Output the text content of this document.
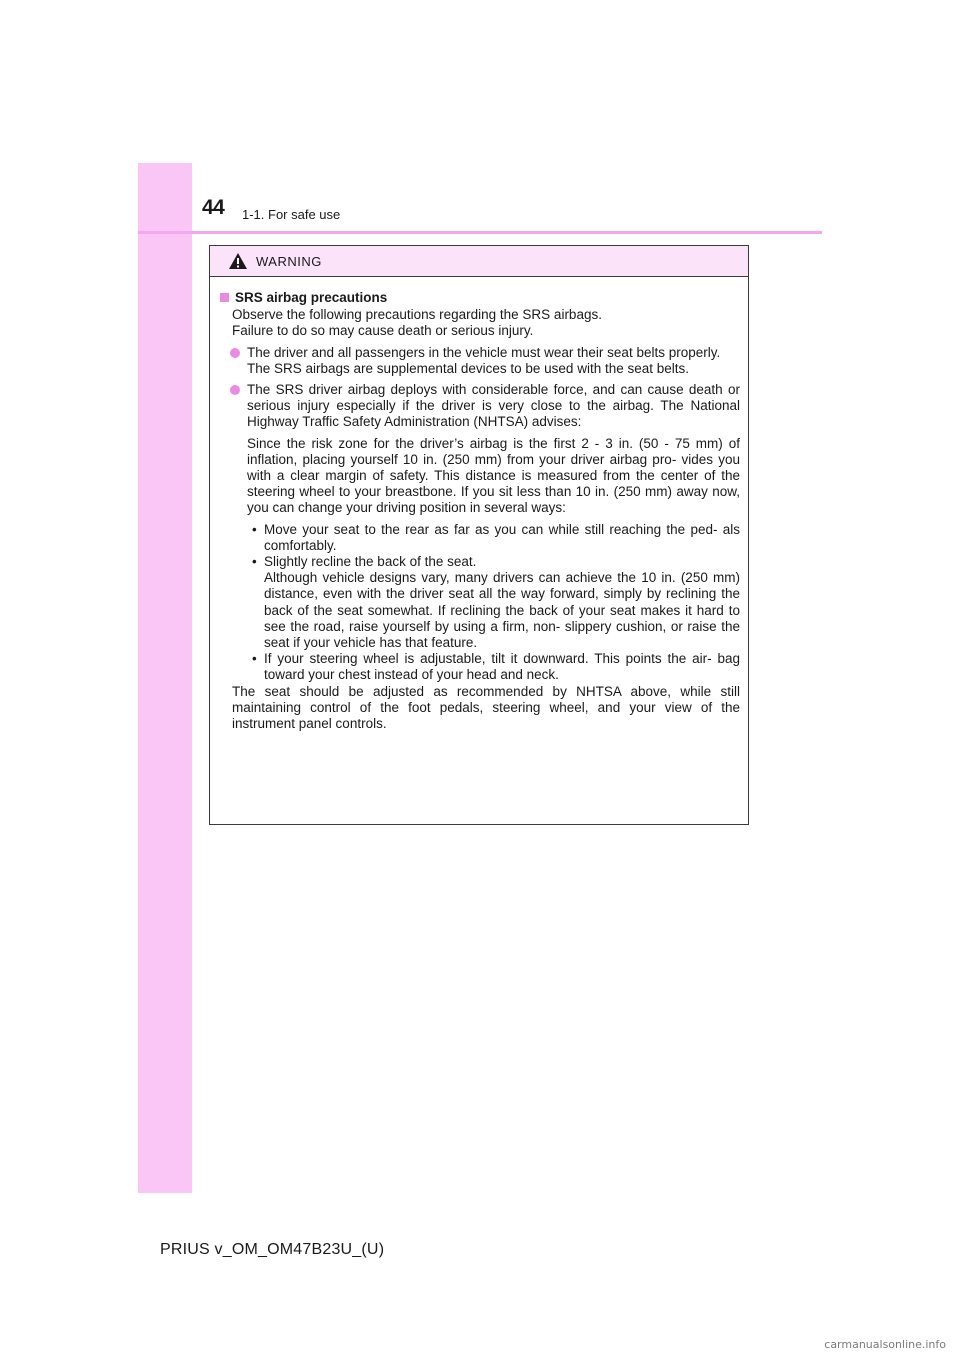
44 1-1. For safe use
WARNING
SRS airbag precautions
Observe the following precautions regarding the SRS airbags.
Failure to do so may cause death or serious injury.
The driver and all passengers in the vehicle must wear their seat belts properly.
The SRS airbags are supplemental devices to be used with the seat belts.
The SRS driver airbag deploys with considerable force, and can cause death or serious injury especially if the driver is very close to the airbag. The National Highway Traffic Safety Administration (NHTSA) advises:
Since the risk zone for the driver’s airbag is the first 2 - 3 in. (50 - 75 mm) of inflation, placing yourself 10 in. (250 mm) from your driver airbag pro- vides you with a clear margin of safety. This distance is measured from the center of the steering wheel to your breastbone. If you sit less than 10 in. (250 mm) away now, you can change your driving position in several ways:
• Move your seat to the rear as far as you can while still reaching the ped- als comfortably.
• Slightly recline the back of the seat.
Although vehicle designs vary, many drivers can achieve the 10 in. (250 mm) distance, even with the driver seat all the way forward, simply by reclining the back of the seat somewhat. If reclining the back of your seat makes it hard to see the road, raise yourself by using a firm, non- slippery cushion, or raise the seat if your vehicle has that feature.
• If your steering wheel is adjustable, tilt it downward. This points the air- bag toward your chest instead of your head and neck.
The seat should be adjusted as recommended by NHTSA above, while still maintaining control of the foot pedals, steering wheel, and your view of the instrument panel controls.
PRIUS v_OM_OM47B23U_(U)
carmanualsonline.info
